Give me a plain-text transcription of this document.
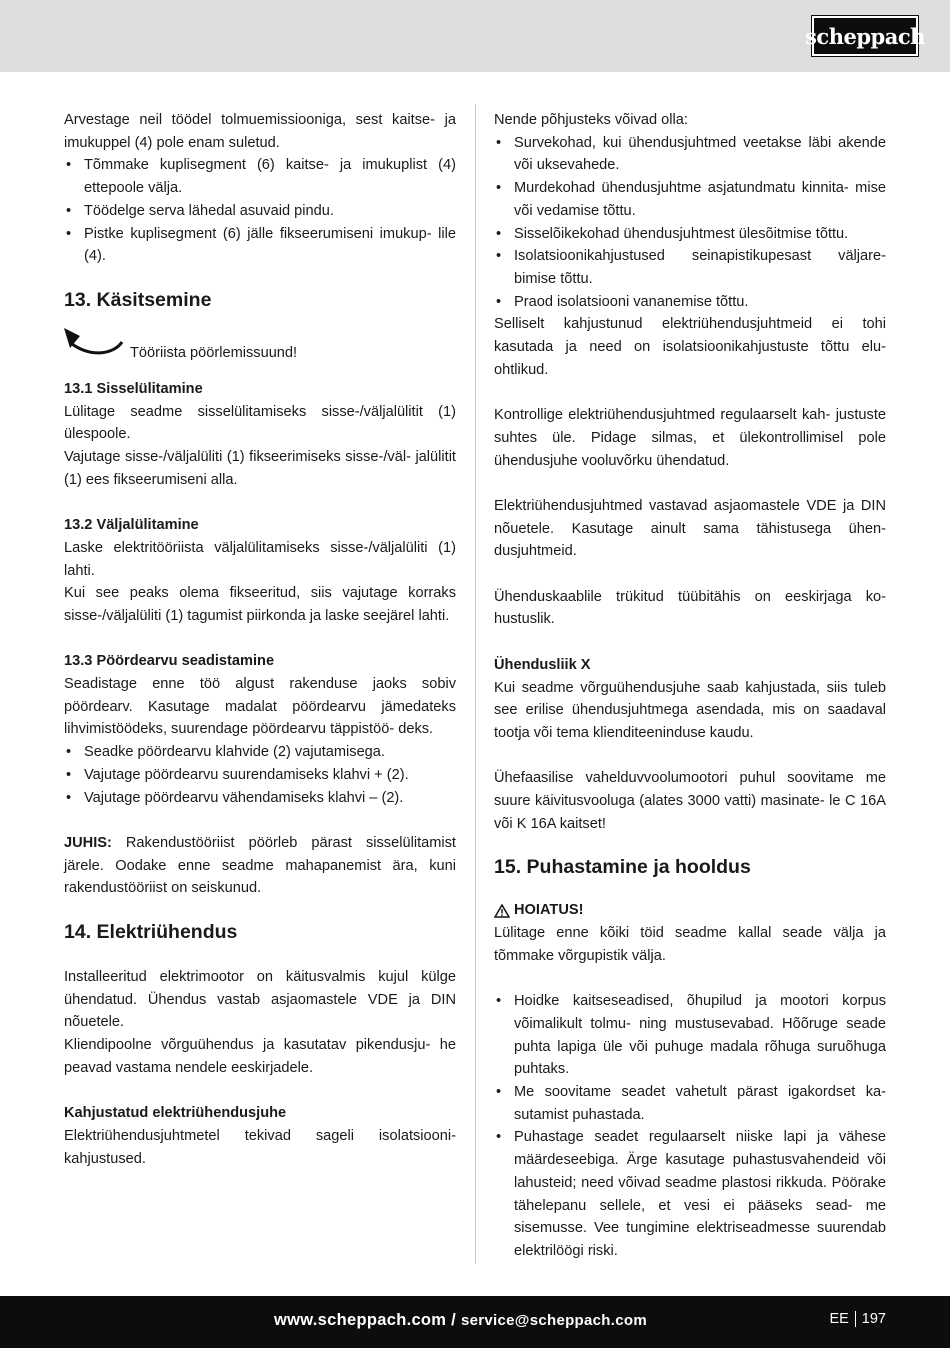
scheppach

Arvestage neil töödel tolmuemissiooniga, sest kaitse- ja imukuppel (4) pole enam suletud.

• Tõmmake kuplisegment (6) kaitse- ja imukuplist (4) ettepoole välja.
• Töödelge serva lähedal asuvaid pindu.
• Pistke kuplisegment (6) jälle fikseerumiseni imukup- lile (4).
13. Käsitsemine
Tööriista pöörlemissuund!

13.1 Sisselülitamine

Lülitage seadme sisselülitamiseks sisse-/väljalülitit (1) ülespoole.

Vajutage sisse-/väljalüliti (1) fikseerimiseks sisse-/väl- jalülitit (1) ees fikseerumiseni alla.

13.2 Väljalülitamine

Laske elektritööriista väljalülitamiseks sisse-/väljalüliti (1) lahti.

Kui see peaks olema fikseeritud, siis vajutage korraks sisse-/väljalüliti (1) tagumist piirkonda ja laske seejärel lahti.

13.3 Pöördearvu seadistamine

Seadistage enne töö algust rakenduse jaoks sobiv pöördearv. Kasutage madalat pöördearvu jämedateks lihvimistöödeks, suurendage pöördearvu täppistöö- deks.

• Seadke pöördearvu klahvide (2) vajutamisega.
• Vajutage pöördearvu suurendamiseks klahvi + (2).
• Vajutage pöördearvu vähendamiseks klahvi – (2).

JUHIS: Rakendustööriist pöörleb pärast sisselülitamist järele. Oodake enne seadme mahapanemist ära, kuni rakendustööriist on seiskunud.

14. Elektriühendus

Installeeritud elektrimootor on käitusvalmis kujul külge ühendatud. Ühendus vastab asjaomastele VDE ja DIN nõuetele.

Kliendipoolne võrguühendus ja kasutatav pikendusju- he peavad vastama nendele eeskirjadele.

Kahjustatud elektriühendusjuhe

Elektriühendusjuhtmetel tekivad sageli isolatsiooni- kahjustused.

Nende põhjusteks võivad olla:

• Survekohad, kui ühendusjuhtmed veetakse läbi akende või uksevahede.
• Murdekohad ühendusjuhtme asjatundmatu kinnita- mise või vedamise tõttu.
• Sisselõikekohad ühendusjuhtmest ülesõitmise tõttu.
• Isolatsioonikahjustused seinapistikupesast väljare- bimise tõttu.
• Praod isolatsiooni vananemise tõttu.

Selliselt kahjustunud elektriühendusjuhtmeid ei tohi kasutada ja need on isolatsioonikahjustuste tõttu elu- ohtlikud.

Kontrollige elektriühendusjuhtmed regulaarselt kah- justuste suhtes üle. Pidage silmas, et ülekontrollimisel pole ühendusjuhe vooluvõrku ühendatud.

Elektriühendusjuhtmed vastavad asjaomastele VDE ja DIN nõuetele. Kasutage ainult sama tähistusega ühen- dusjuhtmeid.

Ühenduskaablile trükitud tüübitähis on eeskirjaga ko- hustuslik.

Ühendusliik X

Kui seadme võrguühendusjuhe saab kahjustada, siis tuleb see erilise ühendusjuhtmega asendada, mis on saadaval tootja või tema klienditeeninduse kaudu.

Ühefaasilise vahelduvvoolumootori puhul soovitame me suure käivitusvooluga (alates 3000 vatti) masinate- le C 16A või K 16A kaitset!

15. Puhastamine ja hooldus
HOIATUS!

Lülitage enne kõiki töid seadme kallal seade välja ja tõmmake võrgupistik välja.

• Hoidke kaitseseadised, õhupilud ja mootori korpus võimalikult tolmu- ning mustusevabad. Hõõruge seade puhta lapiga üle või puhuge madala rõhuga suruõhuga puhtaks.
• Me soovitame seadet vahetult pärast igakordset ka- sutamist puhastada.
• Puhastage seadet regulaarselt niiske lapi ja vähese määrdeseebiga. Ärge kasutage puhastusvahendeid või lahusteid; need võivad seadme plastosi rikkuda. Pöörake tähelepanu sellele, et vesi ei pääseks sead- me sisemusse. Vee tungimine elektriseadmesse suurendab elektrilöögi riski.
www.scheppach.com / service@scheppach.com	EE 197
